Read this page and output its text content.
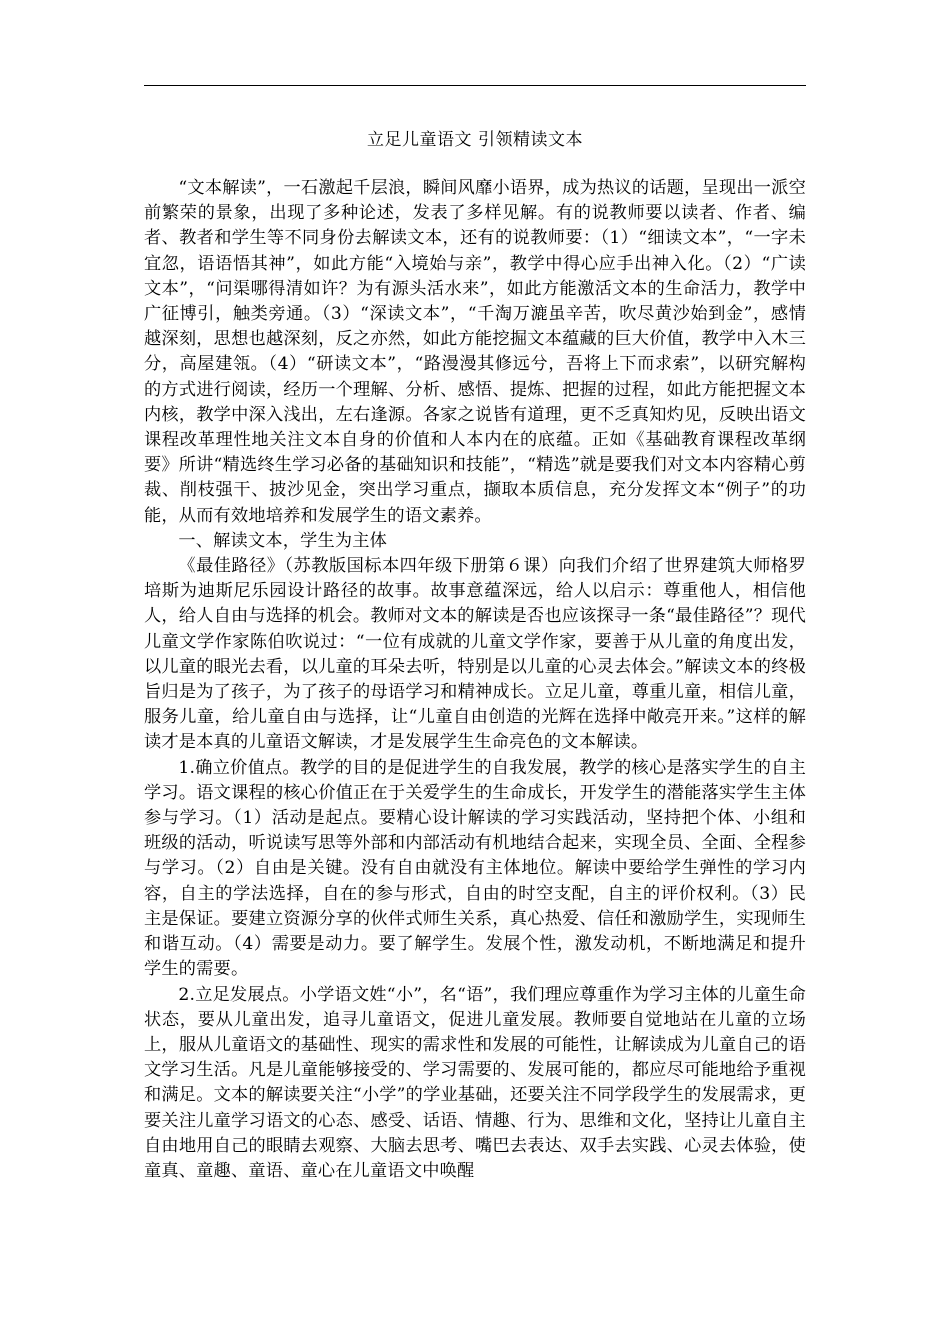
立足儿童语文 引领精读文本

“文本解读”，一石激起千层浪，瞬间风靡小语界，成为热议的话题，呈现出一派空前繁荣的景象，出现了多种论述，发表了多样见解。有的说教师要以读者、作者、编者、教者和学生等不同身份去解读文本，还有的说教师要：（1）“细读文本”，“一字未宜忽，语语悟其神”，如此方能“入境始与亲”，教学中得心应手出神入化。（2）“广读文本”，“问渠哪得清如许？为有源头活水来”，如此方能激活文本的生命活力，教学中广征博引，触类旁通。（3）“深读文本”，“千淘万漉虽辛苦，吹尽黄沙始到金”，感情越深刻，思想也越深刻，反之亦然，如此方能挖掘文本蕴藏的巨大价值，教学中入木三分，高屋建瓴。（4）“研读文本”，“路漫漫其修远兮，吾将上下而求索”，以研究解构的方式进行阅读，经历一个理解、分析、感悟、提炼、把握的过程，如此方能把握文本内核，教学中深入浅出，左右逢源。各家之说皆有道理，更不乏真知灼见，反映出语文课程改革理性地关注文本自身的价值和人本内在的底蕴。正如《基础教育课程改革纲要》所讲“精选终生学习必备的基础知识和技能”，“精选”就是要我们对文本内容精心剪裁、削枝强干、披沙见金，突出学习重点，撷取本质信息，充分发挥文本“例子”的功能，从而有效地培养和发展学生的语文素养。

一、解读文本，学生为主体

《最佳路径》（苏教版国标本四年级下册第６课）向我们介绍了世界建筑大师格罗培斯为迪斯尼乐园设计路径的故事。故事意蕴深远，给人以启示：尊重他人，相信他人，给人自由与选择的机会。教师对文本的解读是否也应该探寻一条“最佳路径”？现代儿童文学作家陈伯吹说过：“一位有成就的儿童文学作家，要善于从儿童的角度出发，以儿童的眼光去看，以儿童的耳朵去听，特别是以儿童的心灵去体会。”解读文本的终极旨归是为了孩子，为了孩子的母语学习和精神成长。立足儿童，尊重儿童，相信儿童，服务儿童，给儿童自由与选择，让“儿童自由创造的光辉在选择中敞亮开来。”这样的解读才是本真的儿童语文解读，才是发展学生生命亮色的文本解读。

1.确立价值点。教学的目的是促进学生的自我发展，教学的核心是落实学生的自主学习。语文课程的核心价值正在于关爱学生的生命成长，开发学生的潜能落实学生主体参与学习。（1）活动是起点。要精心设计解读的学习实践活动，坚持把个体、小组和班级的活动，听说读写思等外部和内部活动有机地结合起来，实现全员、全面、全程参与学习。（2）自由是关键。没有自由就没有主体地位。解读中要给学生弹性的学习内容，自主的学法选择，自在的参与形式，自由的时空支配，自主的评价权利。（3）民主是保证。要建立资源分享的伙伴式师生关系，真心热爱、信任和激励学生，实现师生和谐互动。（4）需要是动力。要了解学生。发展个性，激发动机，不断地满足和提升学生的需要。

2.立足发展点。小学语文姓“小”，名“语”，我们理应尊重作为学习主体的儿童生命状态，要从儿童出发，追寻儿童语文，促进儿童发展。教师要自觉地站在儿童的立场上，服从儿童语文的基础性、现实的需求性和发展的可能性，让解读成为儿童自己的语文学习生活。凡是儿童能够接受的、学习需要的、发展可能的，都应尽可能地给予重视和满足。文本的解读要关注“小学”的学业基础，还要关注不同学段学生的发展需求，更要关注儿童学习语文的心态、感受、话语、情趣、行为、思维和文化，坚持让儿童自主自由地用自己的眼睛去观察、大脑去思考、嘴巴去表达、双手去实践、心灵去体验，使童真、童趣、童语、童心在儿童语文中唤醒
